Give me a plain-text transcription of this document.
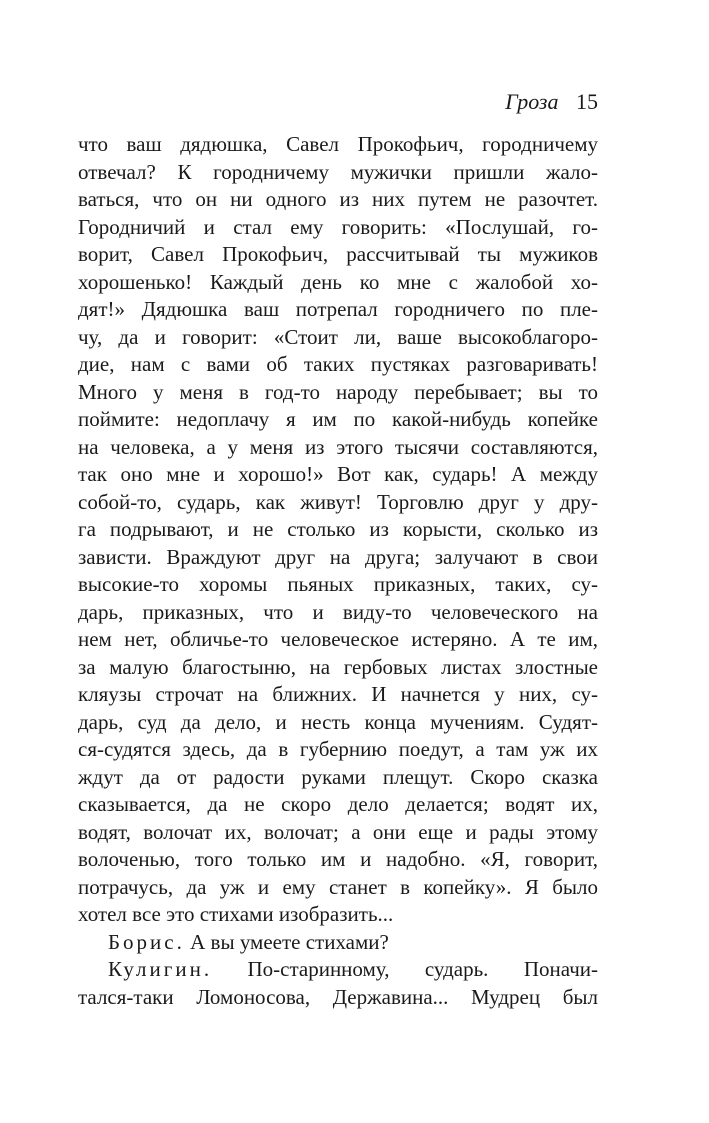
Гроза 15
что ваш дядюшка, Савел Прокофьич, городничему
отвечал? К городничему мужички пришли жало-
ваться, что он ни одного из них путем не разочтет.
Городничий и стал ему говорить: «Послушай, го-
ворит, Савел Прокофьич, рассчитывай ты мужиков
хорошенько! Каждый день ко мне с жалобой хо-
дят!» Дядюшка ваш потрепал городничего по пле-
чу, да и говорит: «Стоит ли, ваше высокоблагоро-
дие, нам с вами об таких пустяках разговаривать!
Много у меня в год-то народу перебывает; вы то
поймите: недоплачу я им по какой-нибудь копейке
на человека, а у меня из этого тысячи составляются,
так оно мне и хорошо!» Вот как, сударь! А между
собой-то, сударь, как живут! Торговлю друг у дру-
га подрывают, и не столько из корысти, сколько из
зависти. Враждуют друг на друга; залучают в свои
высокие-то хоромы пьяных приказных, таких, су-
дарь, приказных, что и виду-то человеческого на
нем нет, обличье-то человеческое истеряно. А те им,
за малую благостыню, на гербовых листах злостные
кляузы строчат на ближних. И начнется у них, су-
дарь, суд да дело, и несть конца мучениям. Судят-
ся-судятся здесь, да в губернию поедут, а там уж их
ждут да от радости руками плещут. Скоро сказка
сказывается, да не скоро дело делается; водят их,
водят, волочат их, волочат; а они еще и рады этому
волоченью, того только им и надобно. «Я, говорит,
потрачусь, да уж и ему станет в копейку». Я было
хотел все это стихами изобразить...
Борис. А вы умеете стихами?
Кулигин. По-старинному, сударь. Поначи-
тался-таки Ломоносова, Державина... Мудрец был
